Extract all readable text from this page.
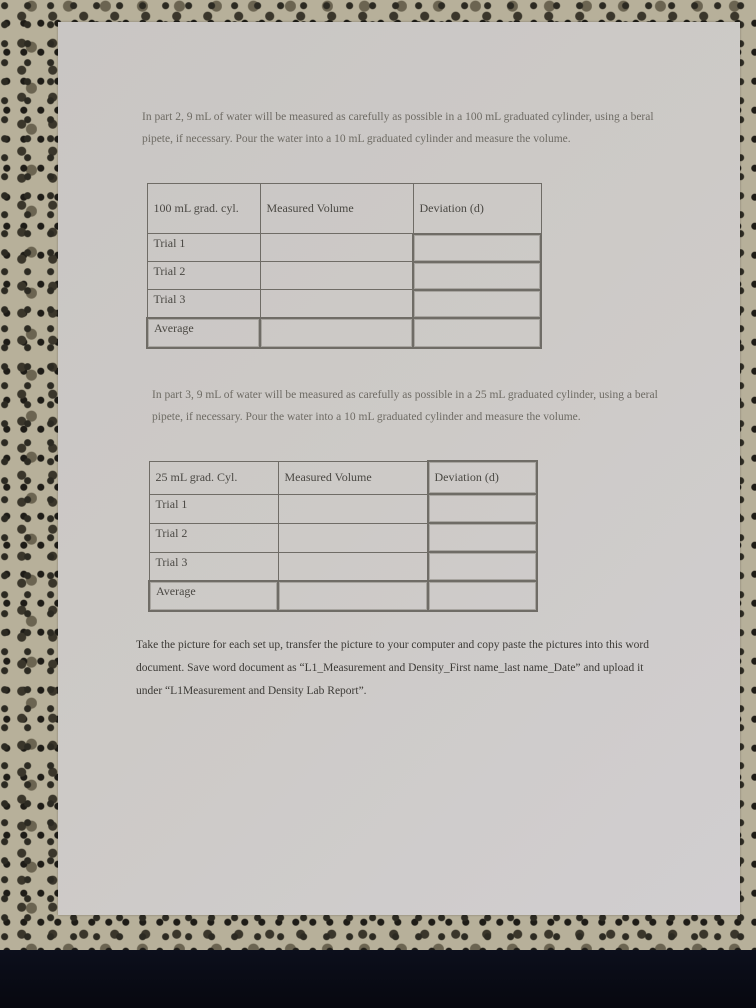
In part 2, 9 mL of water will be measured as carefully as possible in a 100 mL graduated cylinder, using a beral pipete, if necessary. Pour the water into a 10 mL graduated cylinder and measure the volume.

100 mL grad. cyl.	Measured Volume	Deviation (d)
Trial 1		
Trial 2		
Trial 3		
Average		

In part 3, 9 mL of water will be measured as carefully as possible in a 25 mL graduated cylinder, using a beral pipete, if necessary. Pour the water into a 10 mL graduated cylinder and measure the volume.

25 mL grad. Cyl.	Measured Volume	Deviation (d)
Trial 1		
Trial 2		
Trial 3		
Average		

Take the picture for each set up, transfer the picture to your computer and copy paste the pictures into this word document. Save word document as “L1_Measurement and Density_First name_last name_Date” and upload it under “L1Measurement and Density Lab Report”.
